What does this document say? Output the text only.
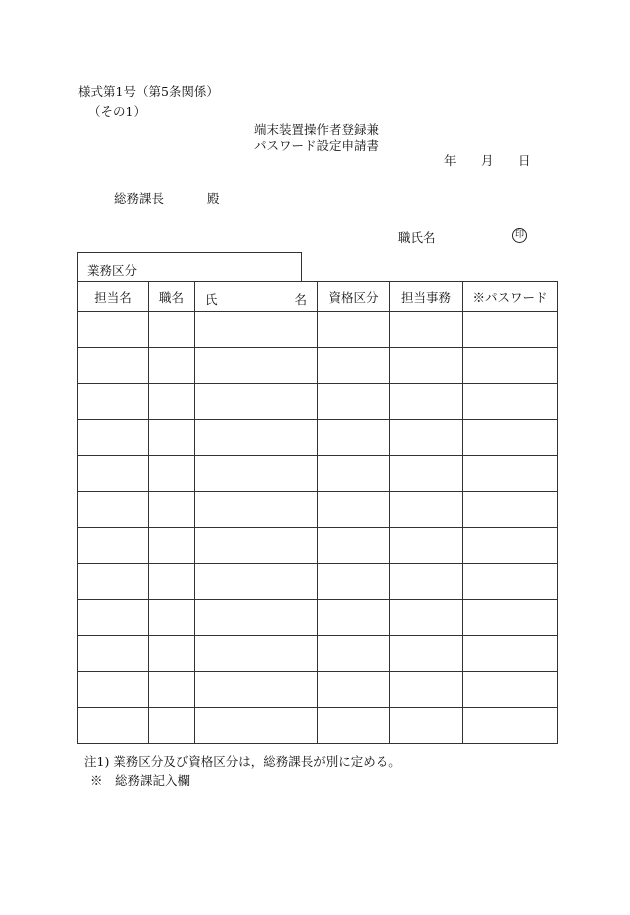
様式第1号（第5条関係）
（その1）
端末装置操作者登録兼
パスワード設定申請書
年	月	日
総務課長	殿
職氏名	印
業務区分
担当名	職名	氏 名	資格区分	担当事務	※パスワード

注1) 業務区分及び資格区分は，総務課長が別に定める。
※　総務課記入欄
